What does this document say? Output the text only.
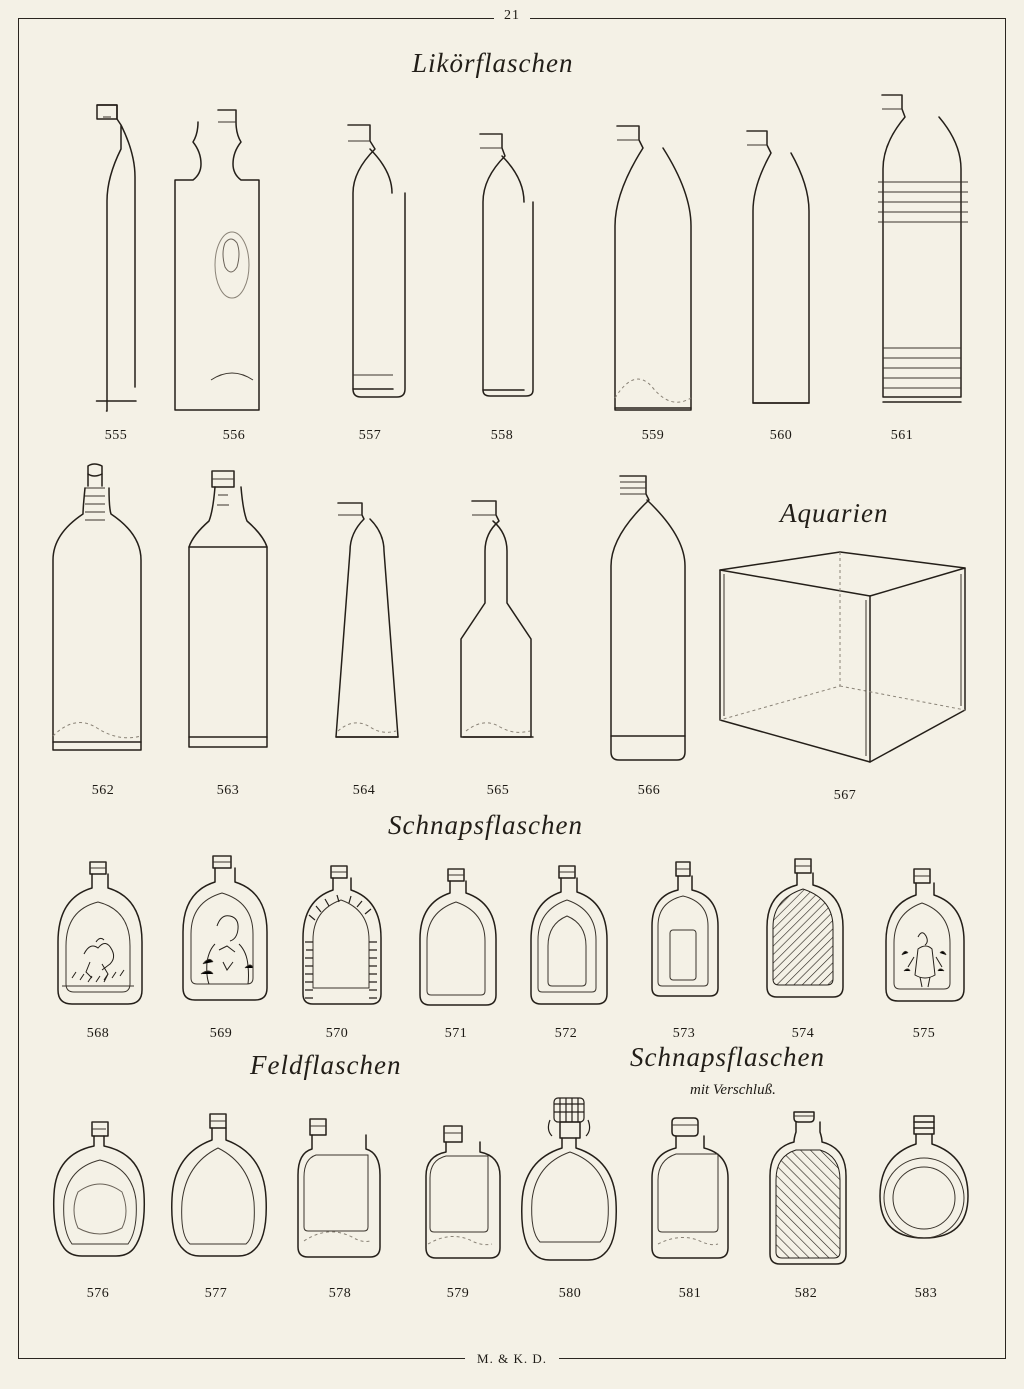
21
M. & K. D.
Likörflaschen
Aquarien
Schnapsflaschen
Feldflaschen	Schnapsflaschen
mit Verschluß.
555	556	557	558	559	560	561
562	563	564	565	566	567
568	569	570	571	572	573	574	575
576	577	578	579	580	581	582	583
